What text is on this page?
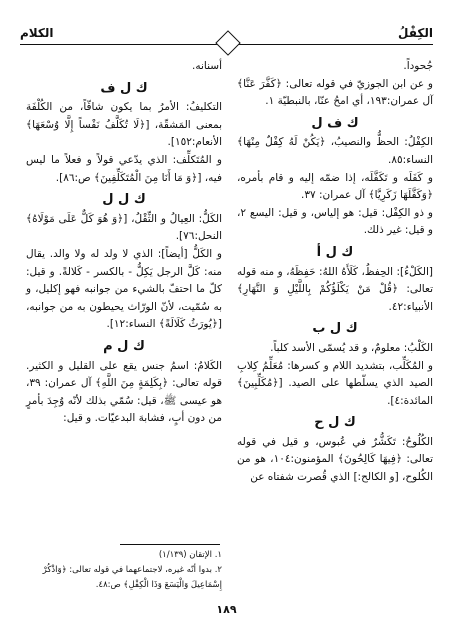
الكِفْلُ
الكلام

جُحوداً.

و عن ابن الجوزيّ في قوله تعالى: ﴿كَفَّرَ عَنَّا﴾ آل عمران:١٩٣، أي امحُ عنّا، بالنبطيّة ١.

ك ف ل

الكِفْلُ: الحظُّ والنصيبُ، ﴿يَكُنْ لَهُ كِفْلٌ مِنْهَا﴾ النساء:٨٥.

و كَفَلَه و تَكَفَّلَه، إذا ضمّه إليه و قام بأمره، ﴿وَكَفَّلَهَا زَكَرِيَّا﴾ آل عمران: ٣٧.

و ذو الكِفْل: قيل: هو إلياس، و قيل: اليسع ٢، و قيل: غير ذلك.

ك ل أ

[الكَلْءُ]: الحِفظُ، كَلَأَهُ اللهُ: حَفِظَهُ، و منه قوله تعالى: ﴿قُلْ مَنْ يَكْلَؤُكُمْ بِاللَّيْلِ وَ النَّهَارِ﴾ الأنبياء:٤٢.

ك ل ب

الكَلْبُ: معلومٌ، و قد يُسمّى الأسد كلباً.

و المُكَلِّب، بتشديد اللام و كسرها: مُعَلِّمُ كِلابِ الصيد الذي يسلّطها على الصيد. [﴿مُكَلِّبِينَ﴾ المائدة:٤].

ك ل ح

الكُلُوحُ: تَكَشُّرٌ في عُبوس، و قيل في قوله تعالى: ﴿فِيهَا كَالِحُونَ﴾ المؤمنون:١٠٤، هو من الكُلوح، [و الكالح:] الذي قُصرت شفتاه عن

أسنانه.

ك ل ف

التكليفُ: الأمرُ بما يكون شاقّاً، من الكُلْفَة بمعنى المَشقّة، [﴿لَا تُكَلَّفُ نَفْساً إِلَّا وُسْعَهَا﴾ الأنعام:١٥٢].

و المُتَكلِّف: الذي يدّعي قولاً و فعلاً ما ليس فيه، [﴿وَ مَا أَنَا مِنَ الْمُتَكَلِّفِينَ﴾ ص:٨٦].

ك ل ل

الكَلُّ: العِيالُ و الثِّقْلُ، [﴿وَ هُوَ كَلٌّ عَلَى مَوْلَاهُ﴾ النحل:٧٦].

و الكَلُّ [أيضاً]: الذي لا ولد له ولا والد. يقال منه: كَلَّ الرجل يَكِلُّ - بالكسر - كَلالةً. و قيل: كلّ ما احتفّ بالشيء من جوانبه فهو إكليل، و به سُمّيت، لأنّ الورّاث يحيطون به من جوانبه، [﴿يُورَثُ كَلَالَةً﴾ النساء:١٢].

ك ل م

الكَلامُ: اسمُ جنس يقع على القليل و الكثير. قوله تعالى: ﴿بِكَلِمَةٍ مِنَ اللَّهِ﴾ آل عمران: ٣٩، هو عيسى ﷺ، قيل: سُمّي بذلك لأنّه وُجِدَ بأمرٍ من دون أبٍ، فشابهَ البدعيّات. و قيل:

١. الإتقان (١/١٣٩)

٢. بدوا أنّه غيره، لاجتماعهما في قوله تعالى: ﴿وَاذْكُرْ إِسْمَاعِيلَ وَالْيَسَعَ وَذَا الْكِفْلِ﴾ ص:٤٨.

١٨٩
